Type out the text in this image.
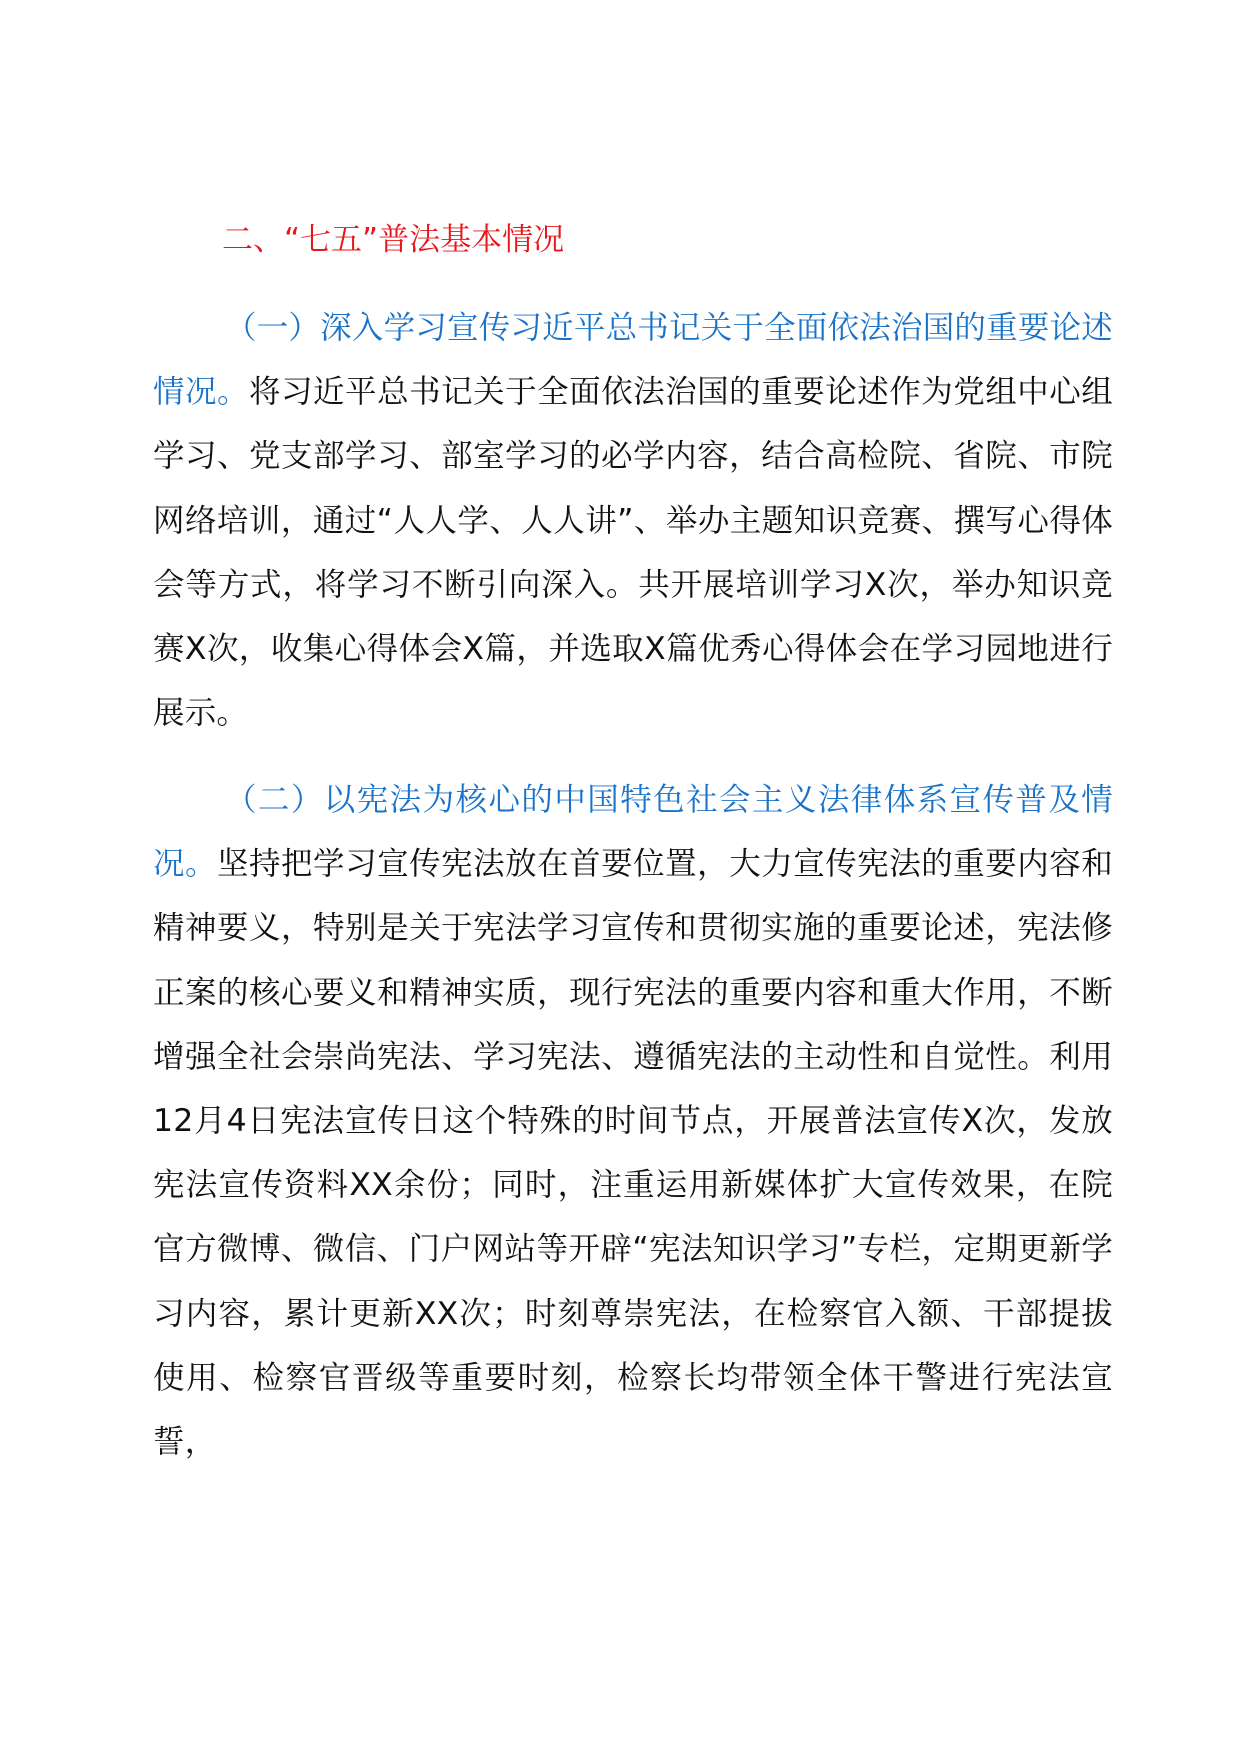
二、“七五”普法基本情况

（一）深入学习宣传习近平总书记关于全面依法治国的重要论述情况。将习近平总书记关于全面依法治国的重要论述作为党组中心组学习、党支部学习、部室学习的必学内容，结合高检院、省院、市院网络培训，通过“人人学、人人讲”、举办主题知识竞赛、撰写心得体会等方式，将学习不断引向深入。共开展培训学习X次，举办知识竞赛X次，收集心得体会X篇，并选取X篇优秀心得体会在学习园地进行展示。

（二）以宪法为核心的中国特色社会主义法律体系宣传普及情况。坚持把学习宣传宪法放在首要位置，大力宣传宪法的重要内容和精神要义，特别是关于宪法学习宣传和贯彻实施的重要论述，宪法修正案的核心要义和精神实质，现行宪法的重要内容和重大作用，不断增强全社会崇尚宪法、学习宪法、遵循宪法的主动性和自觉性。利用12月4日宪法宣传日这个特殊的时间节点，开展普法宣传X次，发放宪法宣传资料XX余份；同时，注重运用新媒体扩大宣传效果，在院官方微博、微信、门户网站等开辟“宪法知识学习”专栏，定期更新学习内容，累计更新XX次；时刻尊崇宪法，在检察官入额、干部提拔使用、检察官晋级等重要时刻，检察长均带领全体干警进行宪法宣誓，
